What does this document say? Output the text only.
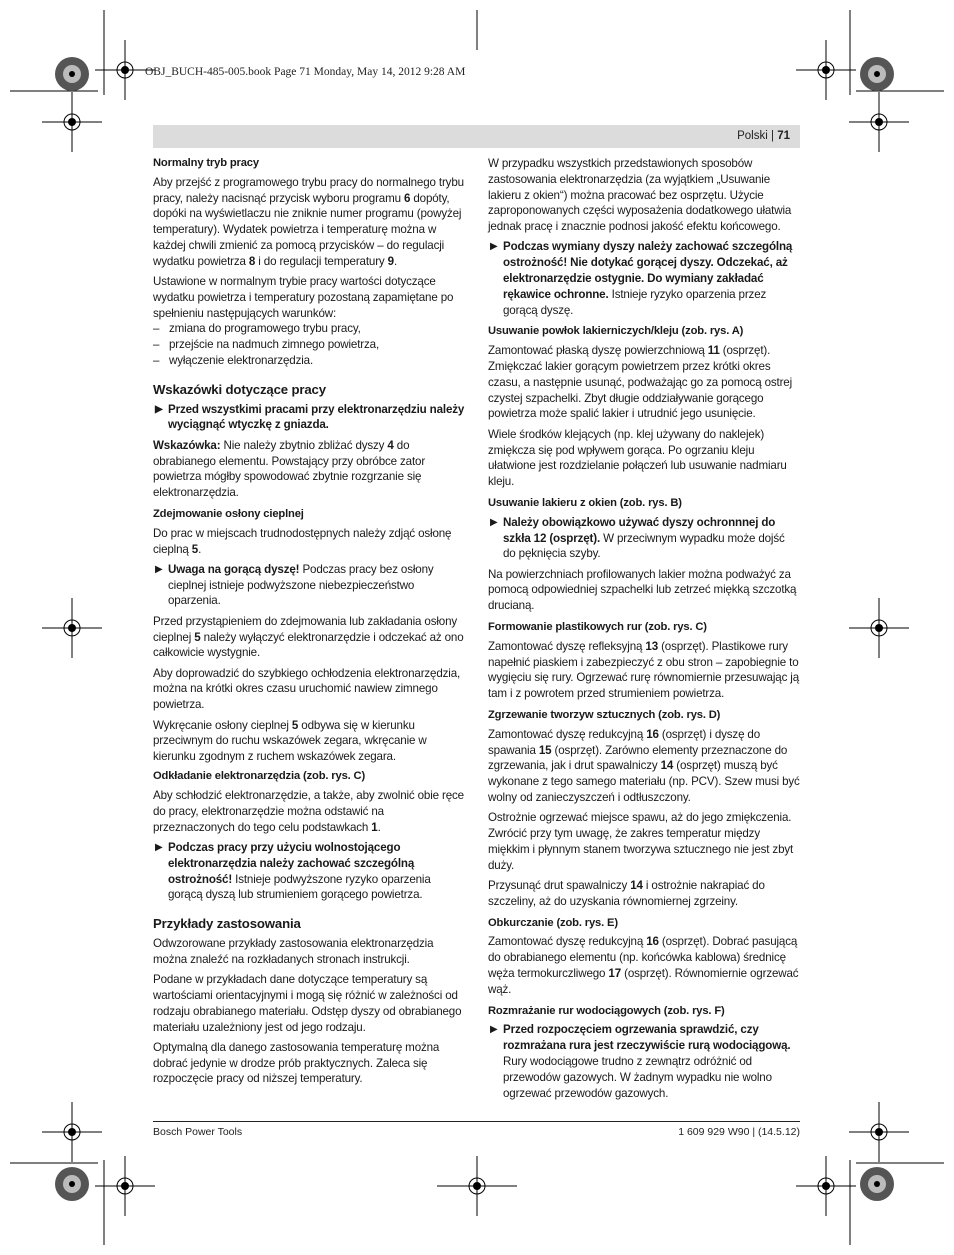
OBJ_BUCH-485-005.book Page 71 Monday, May 14, 2012 9:28 AM
Polski | 71
Normalny tryb pracy

Aby przejść z programowego trybu pracy do normalnego trybu pracy, należy nacisnąć przycisk wyboru programu 6 dopóty, dopóki na wyświetlaczu nie zniknie numer programu (powyżej temperatury). Wydatek powietrza i temperaturę można w każdej chwili zmienić za pomocą przycisków – do regulacji wydatku powietrza 8 i do regulacji temperatury 9.

Ustawione w normalnym trybie pracy wartości dotyczące wydatku powietrza i temperatury pozostaną zapamiętane po spełnieniu następujących warunków:

– zmiana do programowego trybu pracy,
– przejście na nadmuch zimnego powietrza,
– wyłączenie elektronarzędzia.
Wskazówki dotyczące pracy
▶ Przed wszystkimi pracami przy elektronarzędziu należy wyciągnąć wtyczkę z gniazda.

Wskazówka: Nie należy zbytnio zbliżać dyszy 4 do obrabianego elementu. Powstający przy obróbce zator powietrza mógłby spowodować zbytnie rozgrzanie się elektronarzędzia.

Zdejmowanie osłony cieplnej

Do prac w miejscach trudnodostępnych należy zdjąć osłonę cieplną 5.

▶ Uwaga na gorącą dyszę! Podczas pracy bez osłony cieplnej istnieje podwyższone niebezpieczeństwo oparzenia.

Przed przystąpieniem do zdejmowania lub zakładania osłony cieplnej 5 należy wyłączyć elektronarzędzie i odczekać aż ono całkowicie wystygnie.

Aby doprowadzić do szybkiego ochłodzenia elektronarzędzia, można na krótki okres czasu uruchomić nawiew zimnego powietrza.

Wykręcanie osłony cieplnej 5 odbywa się w kierunku przeciwnym do ruchu wskazówek zegara, wkręcanie w kierunku zgodnym z ruchem wskazówek zegara.

Odkładanie elektronarzędzia (zob. rys. C)

Aby schłodzić elektronarzędzie, a także, aby zwolnić obie ręce do pracy, elektronarzędzie można odstawić na przeznaczonych do tego celu podstawkach 1.

▶ Podczas pracy przy użyciu wolnostojącego elektronarzędzia należy zachować szczególną ostrożność! Istnieje podwyższone ryzyko oparzenia gorącą dyszą lub strumieniem gorącego powietrza.
Przykłady zastosowania

Odwzorowane przykłady zastosowania elektronarzędzia można znaleźć na rozkładanych stronach instrukcji.

Podane w przykładach dane dotyczące temperatury są wartościami orientacyjnymi i mogą się różnić w zależności od rodzaju obrabianego materiału. Odstęp dyszy od obrabianego materiału uzależniony jest od jego rodzaju.

Optymalną dla danego zastosowania temperaturę można dobrać jedynie w drodze prób praktycznych. Zaleca się rozpoczęcie pracy od niższej temperatury.

W przypadku wszystkich przedstawionych sposobów zastosowania elektronarzędzia (za wyjątkiem „Usuwanie lakieru z okien“) można pracować bez osprzętu. Użycie zaproponowanych części wyposażenia dodatkowego ułatwia jednak pracę i znacznie podnosi jakość efektu końcowego.

▶ Podczas wymiany dyszy należy zachować szczególną ostrożność! Nie dotykać gorącej dyszy. Odczekać, aż elektronarzędzie ostygnie. Do wymiany zakładać rękawice ochronne. Istnieje ryzyko oparzenia przez gorącą dyszę.
Usuwanie powłok lakierniczych/kleju (zob. rys. A)

Zamontować płaską dyszę powierzchniową 11 (osprzęt). Zmiękczać lakier gorącym powietrzem przez krótki okres czasu, a następnie usunąć, podważając go za pomocą ostrej czystej szpachelki. Zbyt długie oddziaływanie gorącego powietrza może spalić lakier i utrudnić jego usunięcie.

Wiele środków klejących (np. klej używany do naklejek) zmiękcza się pod wpływem gorąca. Po ogrzaniu kleju ułatwione jest rozdzielanie połączeń lub usuwanie nadmiaru kleju.

Usuwanie lakieru z okien (zob. rys. B)
▶ Należy obowiązkowo używać dyszy ochronnnej do szkła 12 (osprzęt). W przeciwnym wypadku może dojść do pęknięcia szyby.

Na powierzchniach profilowanych lakier można podważyć za pomocą odpowiedniej szpachelki lub zetrzeć miękką szczotką drucianą.

Formowanie plastikowych rur (zob. rys. C)

Zamontować dyszę refleksyjną 13 (osprzęt). Plastikowe rury napełnić piaskiem i zabezpieczyć z obu stron – zapobiegnie to wygięciu się rury. Ogrzewać rurę równomiernie przesuwając ją tam i z powrotem przed strumieniem powietrza.

Zgrzewanie tworzyw sztucznych (zob. rys. D)

Zamontować dyszę redukcyjną 16 (osprzęt) i dyszę do spawania 15 (osprzęt). Zarówno elementy przeznaczone do zgrzewania, jak i drut spawalniczy 14 (osprzęt) muszą być wykonane z tego samego materiału (np. PCV). Szew musi być wolny od zanieczyszczeń i odtłuszczony.

Ostrożnie ogrzewać miejsce spawu, aż do jego zmiękczenia. Zwrócić przy tym uwagę, że zakres temperatur między miękkim i płynnym stanem tworzywa sztucznego nie jest zbyt duży.

Przysunąć drut spawalniczy 14 i ostrożnie nakrapiać do szczeliny, aż do uzyskania równomiernej zgrzeiny.

Obkurczanie (zob. rys. E)

Zamontować dyszę redukcyjną 16 (osprzęt). Dobrać pasującą do obrabianego elementu (np. końcówka kablowa) średnicę węża termokurczliwego 17 (osprzęt). Równomiernie ogrzewać wąż.

Rozmrażanie rur wodociągowych (zob. rys. F)
▶ Przed rozpoczęciem ogrzewania sprawdzić, czy rozmrażana rura jest rzeczywiście rurą wodociągową. Rury wodociągowe trudno z zewnątrz odróżnić od przewodów gazowych. W żadnym wypadku nie wolno ogrzewać przewodów gazowych.
Bosch Power Tools	1 609 929 W90 | (14.5.12)
